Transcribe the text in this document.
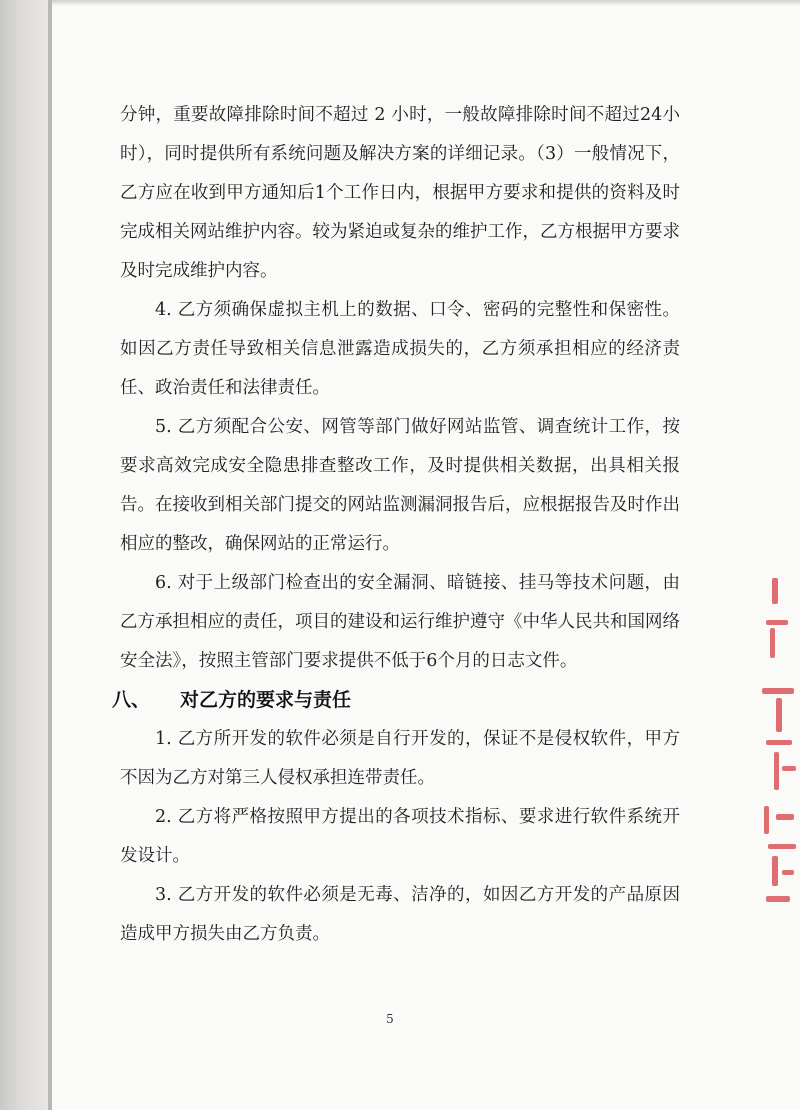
分钟，重要故障排除时间不超过 2 小时，一般故障排除时间不超过24小时），同时提供所有系统问题及解决方案的详细记录。（3）一般情况下，乙方应在收到甲方通知后1个工作日内，根据甲方要求和提供的资料及时完成相关网站维护内容。较为紧迫或复杂的维护工作，乙方根据甲方要求及时完成维护内容。

4. 乙方须确保虚拟主机上的数据、口令、密码的完整性和保密性。如因乙方责任导致相关信息泄露造成损失的，乙方须承担相应的经济责任、政治责任和法律责任。

5. 乙方须配合公安、网管等部门做好网站监管、调查统计工作，按要求高效完成安全隐患排查整改工作，及时提供相关数据，出具相关报告。在接收到相关部门提交的网站监测漏洞报告后，应根据报告及时作出相应的整改，确保网站的正常运行。

6. 对于上级部门检查出的安全漏洞、暗链接、挂马等技术问题，由乙方承担相应的责任，项目的建设和运行维护遵守《中华人民共和国网络安全法》，按照主管部门要求提供不低于6个月的日志文件。

八、 对乙方的要求与责任

1. 乙方所开发的软件必须是自行开发的，保证不是侵权软件，甲方不因为乙方对第三人侵权承担连带责任。

2. 乙方将严格按照甲方提出的各项技术指标、要求进行软件系统开发设计。

3. 乙方开发的软件必须是无毒、洁净的，如因乙方开发的产品原因造成甲方损失由乙方负责。

5
